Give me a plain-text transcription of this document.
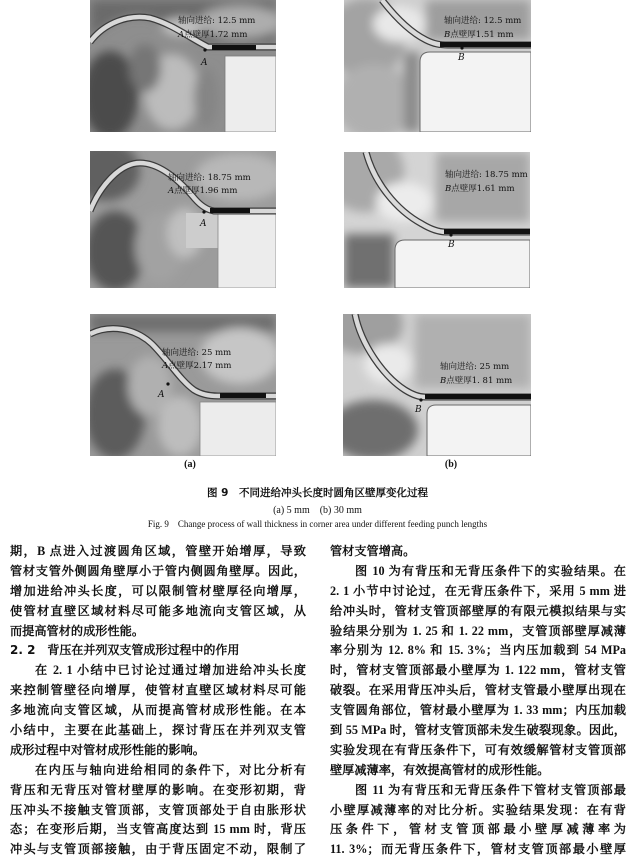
A
轴向进给: 12.5 mm
A点壁厚1.72 mm
B
轴向进给: 12.5 mm
B点壁厚1.51 mm
A
轴向进给: 18.75 mm
A点壁厚1.96 mm
B
轴向进给: 18.75 mm
B点壁厚1.61 mm
A
轴向进给: 25 mm
A点壁厚2.17 mm
B
轴向进给: 25 mm
B点壁厚1. 81 mm
(a)	(b)
图 9　不同进给冲头长度时圆角区壁厚变化过程
(a) 5 mm　(b) 30 mm
Fig. 9　Change process of wall thickness in corner area under different feeding punch lengths
期，B 点进入过渡圆角区域，管壁开始增厚，导致
管材支管外侧圆角壁厚小于管内侧圆角壁厚。因此，
增加进给冲头长度，可以限制管材壁厚径向增厚，
使管材直壁区域材料尽可能多地流向支管区域，从
而提高管材的成形性能。
2. 2　背压在并列双支管成形过程中的作用
在 2. 1 小结中已讨论过通过增加进给冲头长度
来控制管壁径向增厚，使管材直壁区域材料尽可能
多地流向支管区域，从而提高管材成形性能。在本
小结中，主要在此基础上，探讨背压在并列双支管
成形过程中对管材成形性能的影响。
在内压与轴向进给相同的条件下，对比分析有
背压和无背压对管材壁厚的影响。在变形初期，背
压冲头不接触支管顶部，支管顶部处于自由胀形状
态；在变形后期，当支管高度达到 15 mm 时，背压
冲头与支管顶部接触，由于背压固定不动，限制了
管材支管增高。
图 10 为有背压和无背压条件下的实验结果。在
2. 1 小节中讨论过，在无背压条件下，采用 5 mm 进
给冲头时，管材支管顶部壁厚的有限元模拟结果与实
验结果分别为 1. 25 和 1. 22 mm，支管顶部壁厚减薄
率分别为 12. 8% 和 15. 3%；当内压加载到 54 MPa
时，管材支管顶部最小壁厚为 1. 122 mm，管材支管
破裂。在采用背压冲头后，管材支管最小壁厚出现在
支管圆角部位，管材最小壁厚为 1. 33 mm；内压加载
到 55 MPa 时，管材支管顶部未发生破裂现象。因此，
实验发现在有背压条件下，可有效缓解管材支管顶部
壁厚减薄率，有效提高管材的成形性能。
图 11 为有背压和无背压条件下管材支管顶部最
小壁厚减薄率的对比分析。实验结果发现：在有背
压条件下，管材支管顶部最小壁厚减薄率为
11. 3%；而无背压条件下，管材支管顶部最小壁厚
